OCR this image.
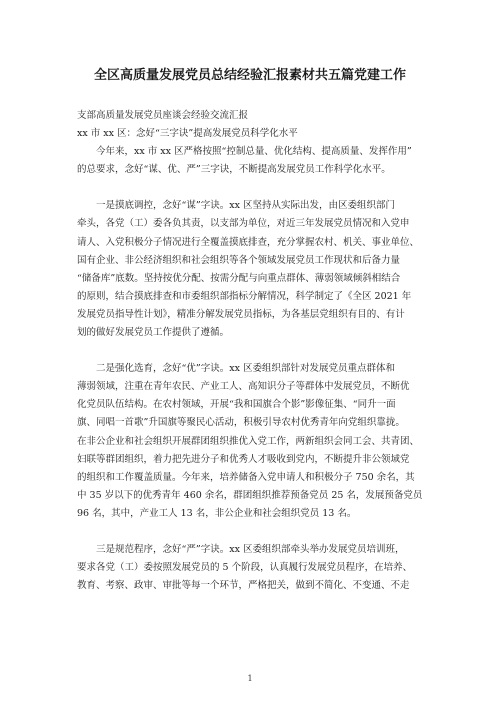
全区高质量发展党员总结经验汇报素材共五篇党建工作
支部高质量发展党员座谈会经验交流汇报
xx 市 xx 区：念好“三字诀”提高发展党员科学化水平
今年来，xx 市 xx 区严格按照“控制总量、优化结构、提高质量、发挥作用”
的总要求，念好“谋、优、严”三字诀，不断提高发展党员工作科学化水平。
一是摸底调控，念好“谋”字诀。xx 区坚持从实际出发，由区委组织部门
牵头，各党（工）委各负其责，以支部为单位，对近三年发展党员情况和入党申
请人、入党积极分子情况进行全覆盖摸底排查，充分掌握农村、机关、事业单位、
国有企业、非公经济组织和社会组织等各个领域发展党员工作现状和后备力量
“储备库”底数。坚持按优分配、按需分配与向重点群体、薄弱领域倾斜相结合
的原则，结合摸底排查和市委组织部指标分解情况，科学制定了《全区 2021 年
发展党员指导性计划》，精准分解发展党员指标，为各基层党组织有目的、有计
划的做好发展党员工作提供了遵循。
二是强化选育，念好“优”字诀。xx 区委组织部针对发展党员重点群体和
薄弱领域，注重在青年农民、产业工人、高知识分子等群体中发展党员，不断优
化党员队伍结构。在农村领域，开展“我和国旗合个影”影像征集、“同升一面
旗、同唱一首歌”升国旗等聚民心活动，积极引导农村优秀青年向党组织靠拢。
在非公企业和社会组织开展群团组织推优入党工作，两新组织会同工会、共青团、
妇联等群团组织，着力把先进分子和优秀人才吸收到党内，不断提升非公领域党
的组织和工作覆盖质量。今年来，培养储备入党申请人和积极分子 750 余名，其
中 35 岁以下的优秀青年 460 余名，群团组织推荐预备党员 25 名，发展预备党员
96 名，其中，产业工人 13 名，非公企业和社会组织党员 13 名。
三是规范程序，念好“严”字诀。xx 区委组织部牵头举办发展党员培训班，
要求各党（工）委按照发展党员的 5 个阶段，认真履行发展党员程序，在培养、
教育、考察、政审、审批等每一个环节，严格把关，做到不简化、不变通、不走
1
